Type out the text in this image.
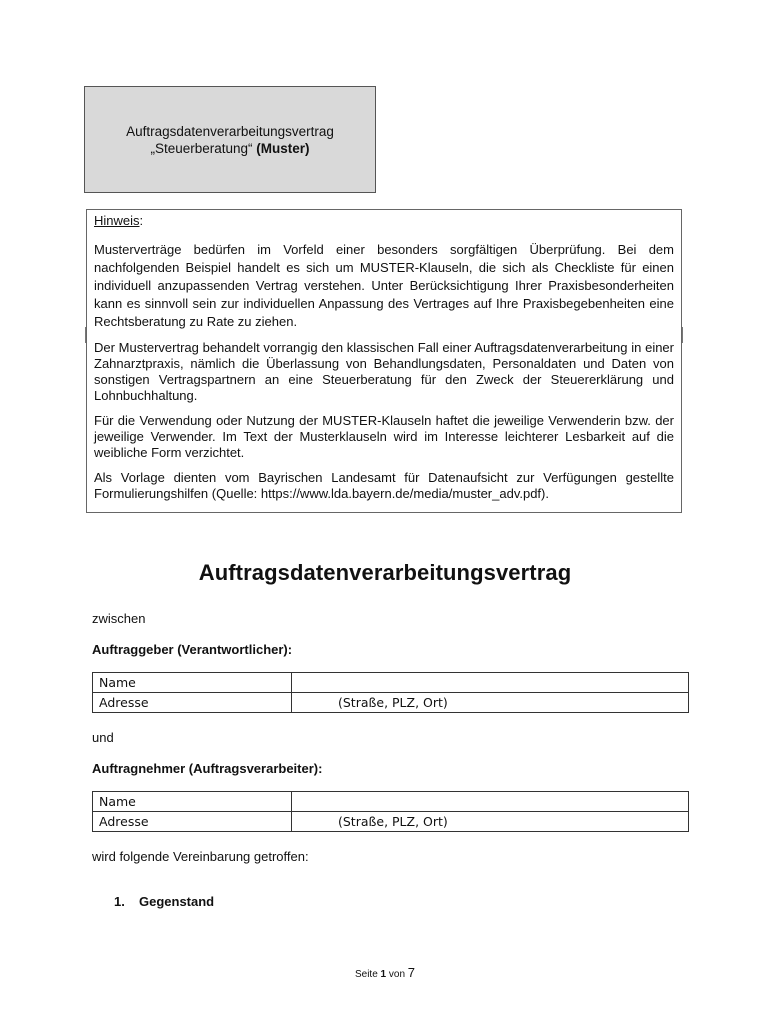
Auftragsdatenverarbeitungsvertrag
„Steuerberatung“ (Muster)

Hinweis:

Musterverträge bedürfen im Vorfeld einer besonders sorgfältigen Überprüfung. Bei dem nachfolgenden Beispiel handelt es sich um MUSTER-Klauseln, die sich als Checkliste für einen individuell anzupassenden Vertrag verstehen. Unter Berücksichtigung Ihrer Praxisbesonderheiten kann es sinnvoll sein zur individuellen Anpassung des Vertrages auf Ihre Praxisbegebenheiten eine Rechtsberatung zu Rate zu ziehen.

Der Mustervertrag behandelt vorrangig den klassischen Fall einer Auftragsdatenverarbeitung in einer Zahnarztpraxis, nämlich die Überlassung von Behandlungsdaten, Personaldaten und Daten von sonstigen Vertragspartnern an eine Steuerberatung für den Zweck der Steuererklärung und Lohnbuchhaltung.

Für die Verwendung oder Nutzung der MUSTER-Klauseln haftet die jeweilige Verwenderin bzw. der jeweilige Verwender. Im Text der Musterklauseln wird im Interesse leichterer Lesbarkeit auf die weibliche Form verzichtet.

Als Vorlage dienten vom Bayrischen Landesamt für Datenaufsicht zur Verfügungen gestellte Formulierungshilfen (Quelle: https://www.lda.bayern.de/media/muster_adv.pdf).

Auftragsdatenverarbeitungsvertrag
zwischen
Auftraggeber (Verantwortlicher):
Name	
Adresse	(Straße, PLZ, Ort)
und
Auftragnehmer (Auftragsverarbeiter):
Name	
Adresse	(Straße, PLZ, Ort)
wird folgende Vereinbarung getroffen:
1. Gegenstand
Seite 1 von 7
